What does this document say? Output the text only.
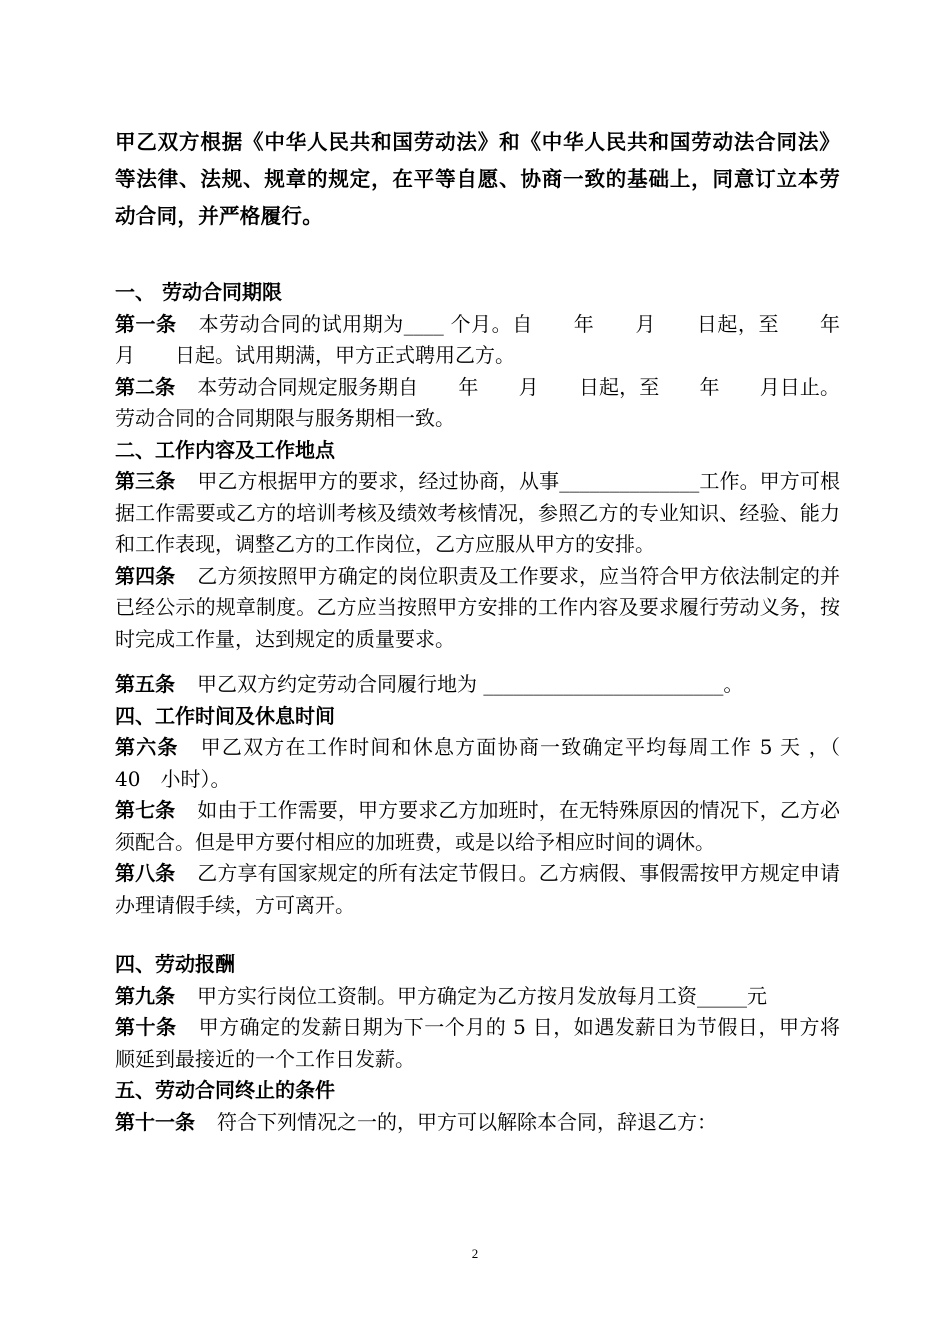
甲乙双方根据《中华人民共和国劳动法》和《中华人民共和国劳动法合同法》等法律、法规、规章的规定，在平等自愿、协商一致的基础上，同意订立本劳动合同，并严格履行。

一、 劳动合同期限

第一条 本劳动合同的试用期为____ 个月。自　　年　　月　　日起，至　　年　　月　　日起。试用期满，甲方正式聘用乙方。

第二条 本劳动合同规定服务期自　　年　　月　　日起，至　　年　　月日止。劳动合同的合同期限与服务期相一致。

二、工作内容及工作地点

第三条 甲乙方根据甲方的要求，经过协商，从事______________工作。甲方可根据工作需要或乙方的培训考核及绩效考核情况，参照乙方的专业知识、经验、能力和工作表现，调整乙方的工作岗位，乙方应服从甲方的安排。

第四条 乙方须按照甲方确定的岗位职责及工作要求，应当符合甲方依法制定的并已经公示的规章制度。乙方应当按照甲方安排的工作内容及要求履行劳动义务，按时完成工作量，达到规定的质量要求。

第五条 甲乙双方约定劳动合同履行地为 ________________________。

四、工作时间及休息时间

第六条 甲乙双方在工作时间和休息方面协商一致确定平均每周工作 5 天 ，（　40　小时）。

第七条 如由于工作需要，甲方要求乙方加班时，在无特殊原因的情况下，乙方必须配合。但是甲方要付相应的加班费，或是以给予相应时间的调休。

第八条 乙方享有国家规定的所有法定节假日。乙方病假、事假需按甲方规定申请办理请假手续，方可离开。

四、劳动报酬

第九条 甲方实行岗位工资制。甲方确定为乙方按月发放每月工资_____元

第十条 甲方确定的发薪日期为下一个月的 5 日，如遇发薪日为节假日，甲方将顺延到最接近的一个工作日发薪。

五、劳动合同终止的条件

第十一条 符合下列情况之一的，甲方可以解除本合同，辞退乙方：

2
